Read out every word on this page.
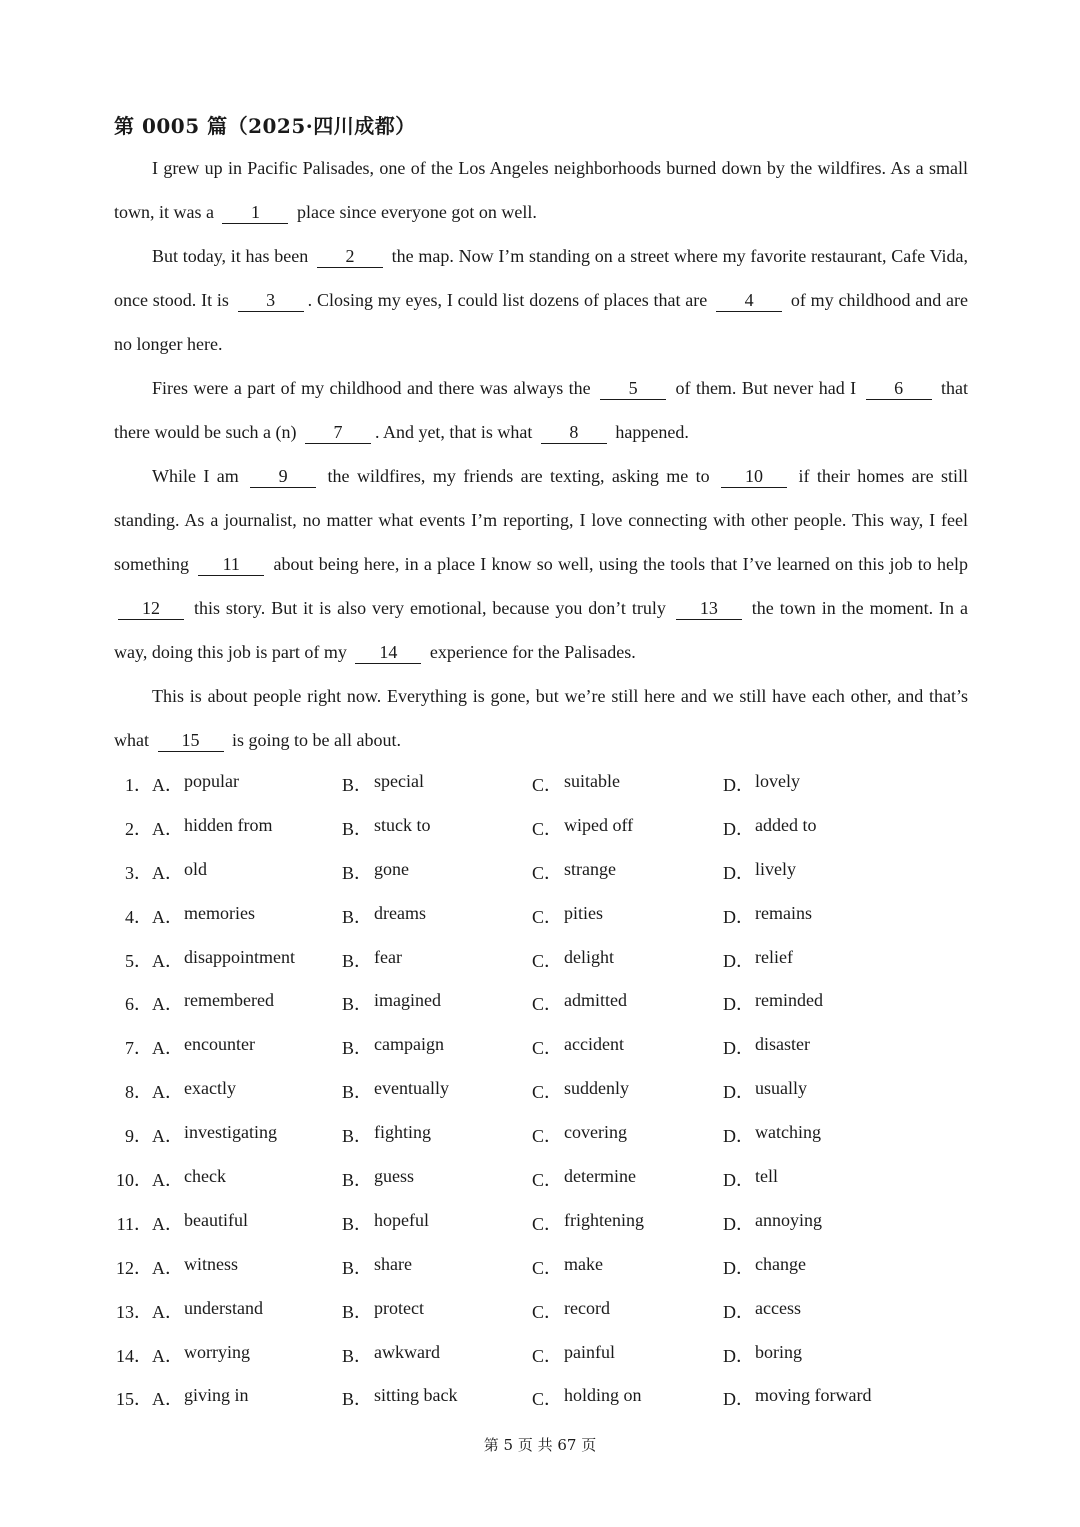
第 0005 篇（2025·四川成都）

I grew up in Pacific Palisades, one of the Los Angeles neighborhoods burned down by the wildfires. As a small town, it was a 1 place since everyone got on well.

But today, it has been 2 the map. Now I’m standing on a street where my favorite restaurant, Cafe Vida, once stood. It is 3 . Closing my eyes, I could list dozens of places that are 4 of my childhood and are no longer here.

Fires were a part of my childhood and there was always the 5 of them. But never had I 6 that there would be such a (n) 7 . And yet, that is what 8 happened.

While I am 9 the wildfires, my friends are texting, asking me to 10 if their homes are still standing. As a journalist, no matter what events I’m reporting, I love connecting with other people. This way, I feel something 11 about being here, in a place I know so well, using the tools that I’ve learned on this job to help 12 this story. But it is also very emotional, because you don’t truly 13 the town in the moment. In a way, doing this job is part of my 14 experience for the Palisades.

This is about people right now. Everything is gone, but we’re still here and we still have each other, and that’s what 15 is going to be all about.

1． A． popular	B． special	C． suitable	D． lovely
2． A． hidden from	B． stuck to	C． wiped off	D． added to
3． A． old	B． gone	C． strange	D． lively
4． A． memories	B． dreams	C． pities	D． remains
5． A． disappointment	B． fear	C． delight	D． relief
6． A． remembered	B． imagined	C． admitted	D． reminded
7． A． encounter	B． campaign	C． accident	D． disaster
8． A． exactly	B． eventually	C． suddenly	D． usually
9． A． investigating	B． fighting	C． covering	D． watching
10． A． check	B． guess	C． determine	D． tell
11． A． beautiful	B． hopeful	C． frightening	D． annoying
12． A． witness	B． share	C． make	D． change
13． A． understand	B． protect	C． record	D． access
14． A． worrying	B． awkward	C． painful	D． boring
15． A． giving in	B． sitting back	C． holding on	D． moving forward
第 5 页 共 67 页
